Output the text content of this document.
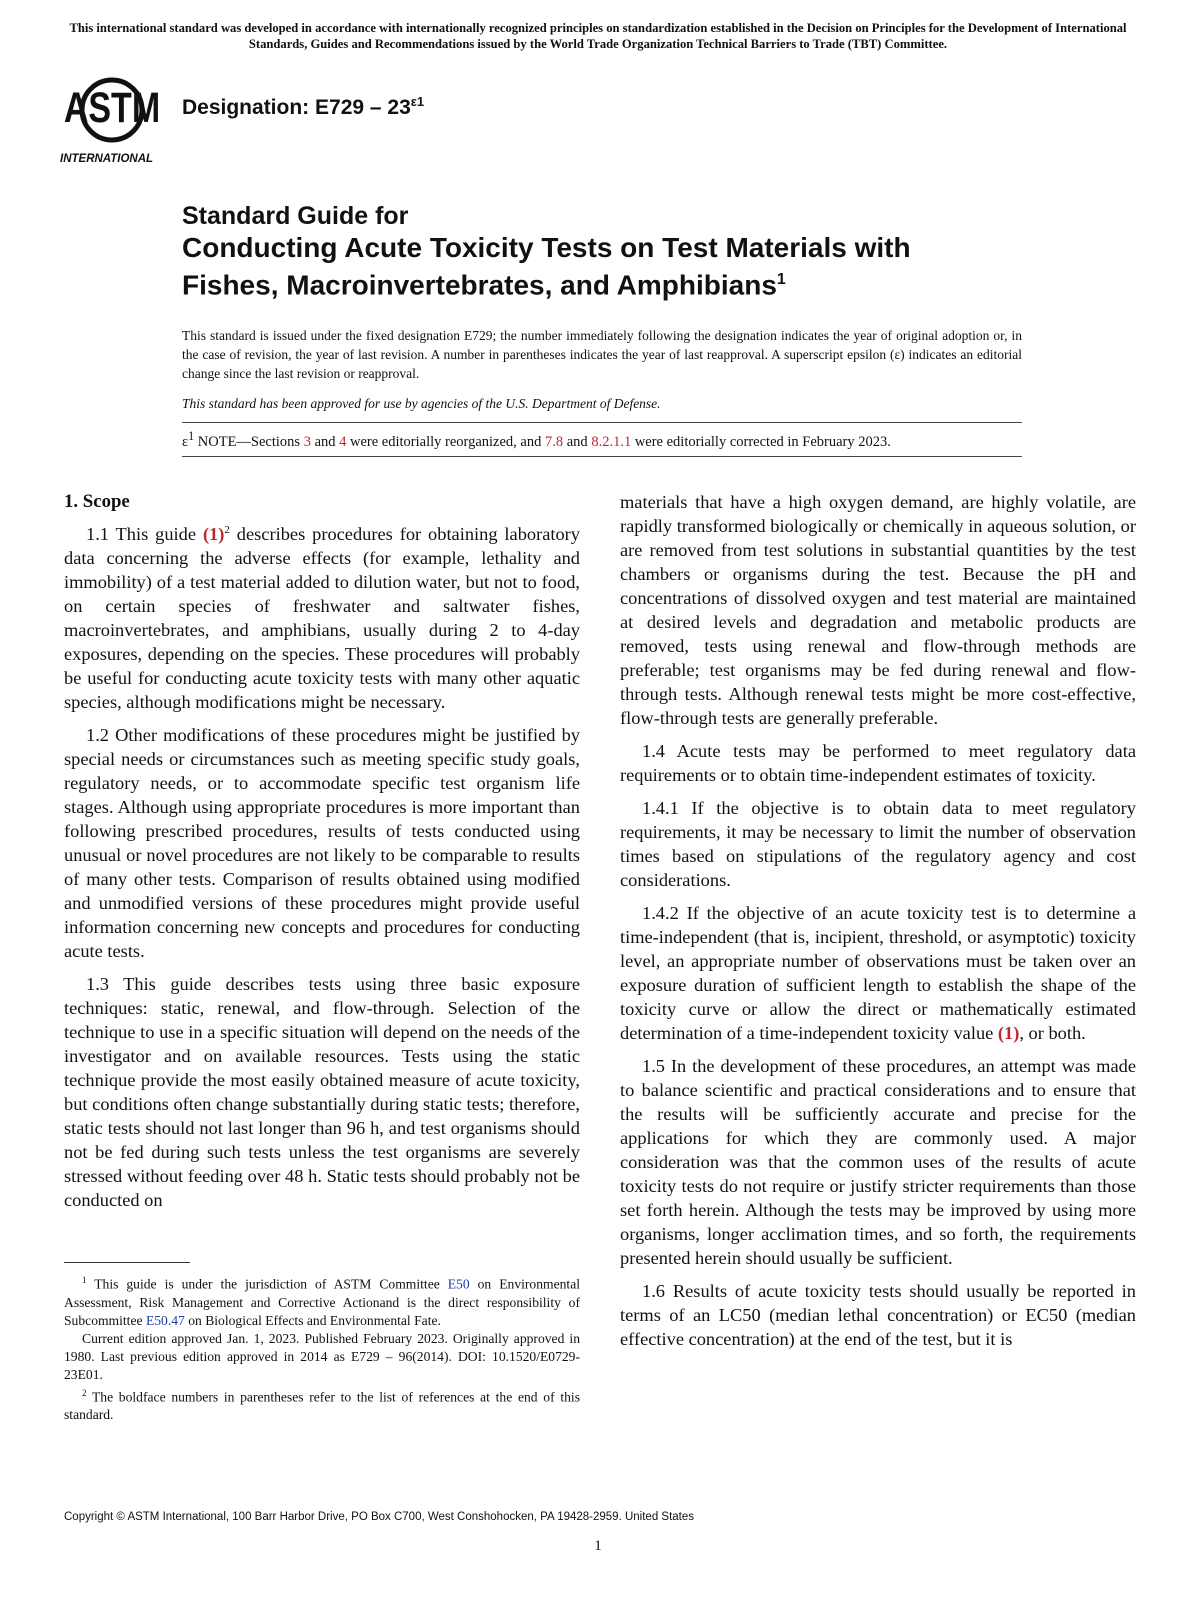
This international standard was developed in accordance with internationally recognized principles on standardization established in the Decision on Principles for the Development of International Standards, Guides and Recommendations issued by the World Trade Organization Technical Barriers to Trade (TBT) Committee.
ASTM
INTERNATIONAL
Designation: $E729 - 23^{\varepsilon 1}$
Standard Guide for
Conducting Acute Toxicity Tests on Test Materials with
Fishes, Macroinvertebrates, and Amphibians$^1$
This standard is issued under the fixed designation E729; the number immediately following the designation indicates the year of original adoption or, in the case of revision, the year of last revision. A number in parentheses indicates the year of last reapproval. A superscript epsilon (ε) indicates an editorial change since the last revision or reapproval.
This standard has been approved for use by agencies of the U.S. Department of Defense.
$\varepsilon^1$ NOTE—Sections 3 and 4 were editorially reorganized, and 7.8 and 8.2.1.1 were editorially corrected in February 2023.
1. Scope

1.1 This guide $(1)^2$ describes procedures for obtaining laboratory data concerning the adverse effects (for example, lethality and immobility) of a test material added to dilution water, but not to food, on certain species of freshwater and saltwater fishes, macroinvertebrates, and amphibians, usually during 2 to 4-day exposures, depending on the species. These procedures will probably be useful for conducting acute toxicity tests with many other aquatic species, although modifications might be necessary.

1.2 Other modifications of these procedures might be justified by special needs or circumstances such as meeting specific study goals, regulatory needs, or to accommodate specific test organism life stages. Although using appropriate procedures is more important than following prescribed procedures, results of tests conducted using unusual or novel procedures are not likely to be comparable to results of many other tests. Comparison of results obtained using modified and unmodified versions of these procedures might provide useful information concerning new concepts and procedures for conducting acute tests.

1.3 This guide describes tests using three basic exposure techniques: static, renewal, and flow-through. Selection of the technique to use in a specific situation will depend on the needs of the investigator and on available resources. Tests using the static technique provide the most easily obtained measure of acute toxicity, but conditions often change substantially during static tests; therefore, static tests should not last longer than 96 h, and test organisms should not be fed during such tests unless the test organisms are severely stressed without feeding over 48 h. Static tests should probably not be conducted on

$^1$ This guide is under the jurisdiction of ASTM Committee E50 on Environmental Assessment, Risk Management and Corrective Actionand is the direct responsibility of Subcommittee E50.47 on Biological Effects and Environmental Fate.

Current edition approved Jan. 1, 2023. Published February 2023. Originally approved in 1980. Last previous edition approved in 2014 as E729 – 96(2014). DOI: 10.1520/E0729-23E01.

$^2$ The boldface numbers in parentheses refer to the list of references at the end of this standard.

materials that have a high oxygen demand, are highly volatile, are rapidly transformed biologically or chemically in aqueous solution, or are removed from test solutions in substantial quantities by the test chambers or organisms during the test. Because the pH and concentrations of dissolved oxygen and test material are maintained at desired levels and degradation and metabolic products are removed, tests using renewal and flow-through methods are preferable; test organisms may be fed during renewal and flow-through tests. Although renewal tests might be more cost-effective, flow-through tests are generally preferable.

1.4 Acute tests may be performed to meet regulatory data requirements or to obtain time-independent estimates of toxicity.

1.4.1 If the objective is to obtain data to meet regulatory requirements, it may be necessary to limit the number of observation times based on stipulations of the regulatory agency and cost considerations.

1.4.2 If the objective of an acute toxicity test is to determine a time-independent (that is, incipient, threshold, or asymptotic) toxicity level, an appropriate number of observations must be taken over an exposure duration of sufficient length to establish the shape of the toxicity curve or allow the direct or mathematically estimated determination of a time-independent toxicity value (1), or both.

1.5 In the development of these procedures, an attempt was made to balance scientific and practical considerations and to ensure that the results will be sufficiently accurate and precise for the applications for which they are commonly used. A major consideration was that the common uses of the results of acute toxicity tests do not require or justify stricter requirements than those set forth herein. Although the tests may be improved by using more organisms, longer acclimation times, and so forth, the requirements presented herein should usually be sufficient.

1.6 Results of acute toxicity tests should usually be reported in terms of an LC50 (median lethal concentration) or EC50 (median effective concentration) at the end of the test, but it is

Copyright © ASTM International, 100 Barr Harbor Drive, PO Box C700, West Conshohocken, PA 19428-2959. United States
1
